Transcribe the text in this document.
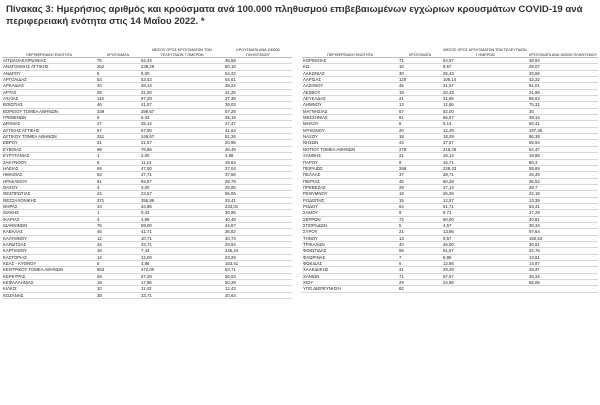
Πίνακας 3: Ημερήσιος αριθμός και κρούσματα ανά 100.000 πληθυσμού επιβεβαιωμένων εγχώριων κρουσμάτων COVID-19 ανά περιφερειακή ενότητα στις 14 Μαΐου 2022. *
ΠΕΡΙΦΕΡΕΙΑΚΗ ΕΝΟΤΗΤΑ	ΚΡΟΥΣΜΑΤΑ	ΜΕΣΟΣ ΟΡΟΣ ΚΡΟΥΣΜΑΤΩΝ ΤΩΝ ΤΕΛΕΥΤΑΙΩΝ 7 ΗΜΕΡΩΝ	ΚΡΟΥΣΜΑΤΑ ΑΝΑ 100000 ΠΛΗΘΥΣΜΟΥ
ΑΙΤΩΛΟΑΚΑΡΝΑΝΙΑΣ	75	62,43	35,58
ΑΝΑΤΟΛΙΚΗΣ ΑΤΤΙΚΗΣ	252	238,29	50,10
ΑΝΔΡΟΥ	5	8,00	54,22
ΑΡΓΟΛΙΔΑΣ	53	53,43	54,61
ΑΡΚΑΔΙΑΣ	34	28,14	39,22
ΑΡΤΑΣ	28	31,00	41,25
ΑΧΑΪΑΣ	116	97,29	37,38
ΒΟΙΩΤΙΑΣ	46	41,57	39,03
ΒΟΡΕΙΟΥ ΤΟΜΕΑ ΑΘΗΝΩΝ	339	286,57	57,29
ΓΡΕΒΕΝΩΝ	8	6,43	25,19
ΔΡΑΜΑΣ	27	25,14	27,47
ΔΥΤΙΚΗΣ ΑΤΤΙΚΗΣ	67	67,00	41,63
ΔΥΤΙΚΟΥ ΤΟΜΕΑ ΑΘΗΝΩΝ	251	245,57	51,26
ΕΒΡΟΥ	31	31,57	20,95
ΕΥΒΟΙΑΣ	98	78,86	46,49
ΕΥΡΥΤΑΝΙΑΣ	1	2,00	4,98
ΖΑΚΥΝΘΟΥ	8	11,14	19,63
ΗΛΕΙΑΣ	59	47,00	37,04
ΗΜΑΘΙΑΣ	53	47,71	37,69
ΗΡΑΚΛΕΙΟΥ	91	92,57	29,79
ΘΑΣΟΥ	4	3,00	29,05
ΘΕΣΠΡΩΤΙΑΣ	24	23,57	55,06
ΘΕΣΣΑΛΟΝΙΚΗΣ	371	355,86	33,41
ΘΗΡΑΣ	44	34,86	233,01
ΙΘΑΚΗΣ	1	0,43	30,95
ΙΚΑΡΙΑΣ	4	4,86	40,48
ΙΩΑΝΝΙΝΩΝ	75	59,00	44,67
ΚΑΒΑΛΑΣ	46	41,71	36,82
ΚΑΛΥΜΝΟΥ	12	10,71	40,74
ΚΑΡΔΙΤΣΑΣ	34	33,71	29,94
ΚΑΡΠΑΘΟΥ	18	7,43	246,24
ΚΑΣΤΟΡΙΑΣ	12	12,00	23,28
ΚΕΑΣ - ΚΥΘΝΟΥ	6	3,86	153,41
ΚΕΝΤΡΙΚΟΥ ΤΟΜΕΑ ΑΘΗΝΩΝ	553	472,00	53,71
ΚΕΡΚΥΡΑΣ	59	57,29	56,53
ΚΕΦΑΛΛΗΝΙΑΣ	18	17,86	50,28
ΚΙΛΚΙΣ	10	11,43	12,43
ΚΟΖΑΝΗΣ	38	33,71	20,64
ΠΕΡΙΦΕΡΕΙΑΚΗ ΕΝΟΤΗΤΑ	ΚΡΟΥΣΜΑΤΑ	ΜΕΣΟΣ ΟΡΟΣ ΚΡΟΥΣΜΑΤΩΝ ΤΩΝ ΤΕΛΕΥΤΑΙΩΝ 7 ΗΜΕΡΩΝ	ΚΡΟΥΣΜΑΤΑ ΑΝΑ 100000 ΠΛΗΘΥΣΜΟΥ
ΚΟΡΙΝΘΙΑΣ	71	64,57	48,94
ΚΩ	10	8,57	29,07
ΛΑΚΩΝΙΑΣ	30	26,43	33,66
ΛΑΡΙΣΑΣ	120	106,14	42,22
ΛΑΣΙΘΙΟΥ	46	31,57	61,01
ΛΕΣΒΟΥ	19	20,43	21,98
ΛΕΥΚΑΔΑΣ	21	21,86	88,63
ΛΗΜΝΟΥ	13	12,86	75,31
ΜΑΓΝΗΣΙΑΣ	57	52,00	30
ΜΕΣΣΗΝΙΑΣ	61	66,57	38,14
ΜΗΛΟΥ	6	5,14	60,41
ΜΥΚΟΝΟΥ	20	12,29	197,36
ΝΑΞΟΥ	18	18,29	86,38
ΝΗΣΩΝ	44	37,57	58,94
ΝΟΤΙΟΥ ΤΟΜΕΑ ΑΘΗΝΩΝ	278	218,29	52,47
ΞΑΝΘΗΣ	21	16,14	18,88
ΠΑΡΟΥ	9	16,71	60,3
ΠΕΙΡΑΙΩΣ	268	228,43	59,69
ΠΕΛΛΑΣ	37	38,71	26,49
ΠΙΕΡΙΑΣ	45	50,29	35,52
ΠΡΕΒΕΖΑΣ	28	27,14	48,7
ΡΕΘΥΜΝΟΥ	19	26,29	22,19
ΡΟΔΟΠΗΣ	15	12,57	13,39
ΡΟΔΟΥ	64	61,71	53,41
ΣΑΜΟΥ	9	9,71	27,29
ΣΕΡΡΩΝ	72	60,00	40,81
ΣΠΟΡΑΔΩΝ	5	4,57	38,34
ΣΥΡΟΥ	21	13,86	97,64
ΤΗΝΟΥ	13	9,57	150,53
ΤΡΙΚΑΛΩΝ	40	45,00	30,51
ΦΘΙΩΤΙΔΑΣ	55	51,57	34,76
ΦΛΩΡΙΝΑΣ	7	8,86	13,61
ΦΩΚΙΔΑΣ	6	12,86	14,87
ΧΑΛΚΙΔΙΚΗΣ	31	29,29	28,37
ΧΑΝΙΩΝ	71	67,57	45,34
ΧΙΟΥ	29	24,86	55,06
ΥΠΟ ΔΙΕΡΕΥΝΗΣΗ	82		
